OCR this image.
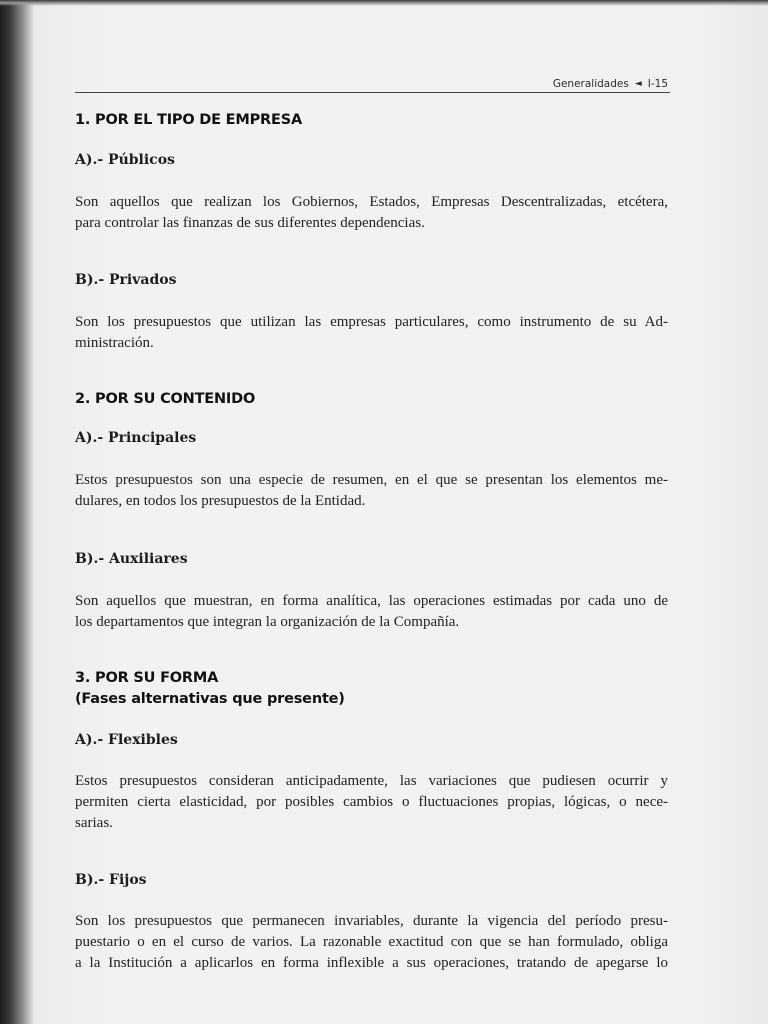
Generalidades ◄ I-15
1. POR EL TIPO DE EMPRESA
A).- Públicos
Son aquellos que realizan los Gobiernos, Estados, Empresas Descentralizadas, etcétera,
para controlar las finanzas de sus diferentes dependencias.
B).- Privados
Son los presupuestos que utilizan las empresas particulares, como instrumento de su Ad-
ministración.
2. POR SU CONTENIDO
A).- Principales
Estos presupuestos son una especie de resumen, en el que se presentan los elementos me-
dulares, en todos los presupuestos de la Entidad.
B).- Auxiliares
Son aquellos que muestran, en forma analítica, las operaciones estimadas por cada uno de
los departamentos que integran la organización de la Compañía.
3. POR SU FORMA
(Fases alternativas que presente)
A).- Flexibles
Estos presupuestos consideran anticipadamente, las variaciones que pudiesen ocurrir y
permiten cierta elasticidad, por posibles cambios o fluctuaciones propias, lógicas, o nece-
sarias.
B).- Fijos
Son los presupuestos que permanecen invariables, durante la vigencia del período presu-
puestario o en el curso de varios. La razonable exactitud con que se han formulado, obliga
a la Institución a aplicarlos en forma inflexible a sus operaciones, tratando de apegarse lo
